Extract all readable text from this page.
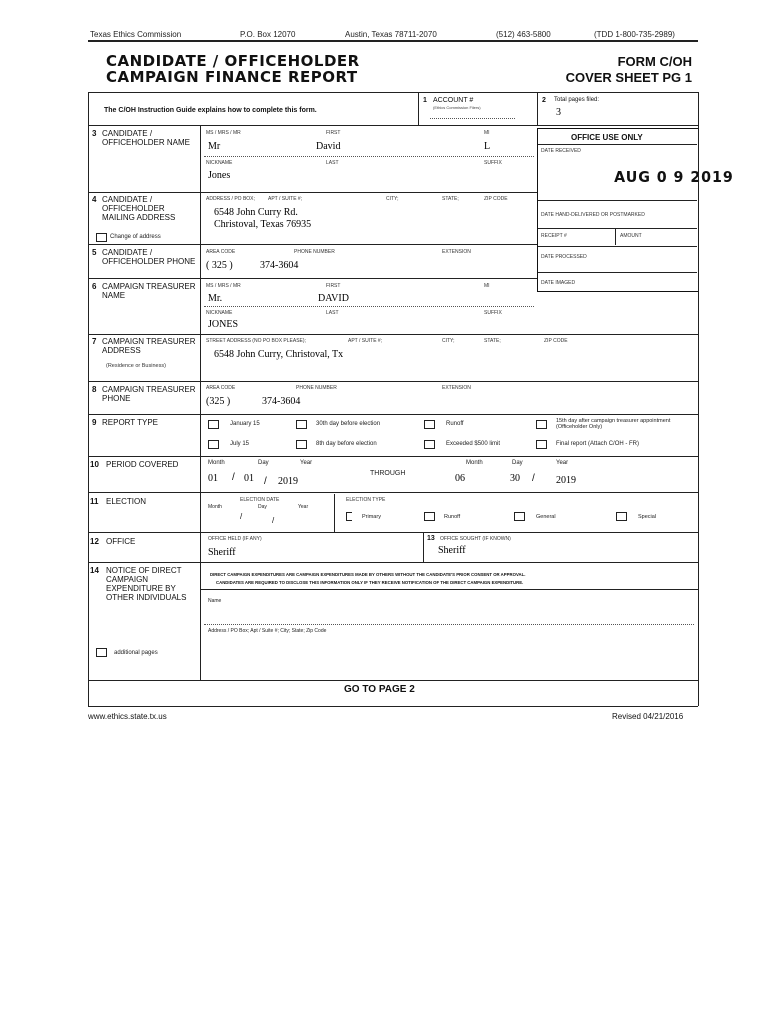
Texas Ethics Commission	P.O. Box 12070	Austin, Texas 78711-2070	(512) 463-5800	(TDD 1-800-735-2989)
CANDIDATE / OFFICEHOLDER
CAMPAIGN FINANCE REPORT
FORM C/OH
COVER SHEET PG 1
The C/OH Instruction Guide explains how to complete this form.
1 ACCOUNT #
(Ethics Commission Filers)
2 Total pages filed:
3
OFFICE USE ONLY
DATE RECEIVED
AUG 0 9 2019
DATE HAND-DELIVERED OR POSTMARKED
RECEIPT #	AMOUNT
DATE PROCESSED
DATE IMAGED
3 CANDIDATE / OFFICEHOLDER NAME
MS / MRS / MR	FIRST	MI
Mr	David	L
NICKNAME	LAST	SUFFIX
Jones
4 CANDIDATE / OFFICEHOLDER MAILING ADDRESS
ADDRESS / PO BOX;	APT / SUITE #;	CITY;	STATE;	ZIP CODE
6548 John Curry Rd.
Christoval, Texas 76935
Change of address
5 CANDIDATE / OFFICEHOLDER PHONE
AREA CODE	PHONE NUMBER	EXTENSION
( 325 )	374-3604
6 CAMPAIGN TREASURER NAME
MS / MRS / MR	FIRST	MI
Mr.	DAVID
NICKNAME	LAST	SUFFIX
JONES
7 CAMPAIGN TREASURER ADDRESS
(Residence or Business)
STREET ADDRESS (NO PO BOX PLEASE);	APT / SUITE #;	CITY;	STATE;	ZIP CODE
6548 John Curry, Christoval, Tx
8 CAMPAIGN TREASURER PHONE
AREA CODE	PHONE NUMBER	EXTENSION
(325 )	374-3604
9 REPORT TYPE	January 15	30th day before election	Runoff	15th day after campaign treasurer appointment (Officeholder Only)
July 15	8th day before election	Exceeded $500 limit	Final report (Attach C/OH - FR)
10 PERIOD COVERED	Month	Day	Year
01 / 01 / 2019
THROUGH
Month	Day	Year
06	30 / 2019
11 ELECTION	ELECTION DATE
Month	Day	Year
/	/
ELECTION TYPE
Primary	Runoff	General	Special
12 OFFICE	OFFICE HELD (IF ANY)
Sheriff
13 OFFICE SOUGHT (IF KNOWN)
Sheriff
14 NOTICE OF DIRECT CAMPAIGN EXPENDITURE BY OTHER INDIVIDUALS
DIRECT CAMPAIGN EXPENDITURES ARE CAMPAIGN EXPENDITURES MADE BY OTHERS WITHOUT THE CANDIDATE'S PRIOR CONSENT OR APPROVAL.
CANDIDATES ARE REQUIRED TO DISCLOSE THIS INFORMATION ONLY IF THEY RECEIVE NOTIFICATION OF THE DIRECT CAMPAIGN EXPENDITURE.
Name
Address / PO Box; Apt / Suite #; City; State; Zip Code
additional pages
GO TO PAGE 2
www.ethics.state.tx.us	Revised 04/21/2016
